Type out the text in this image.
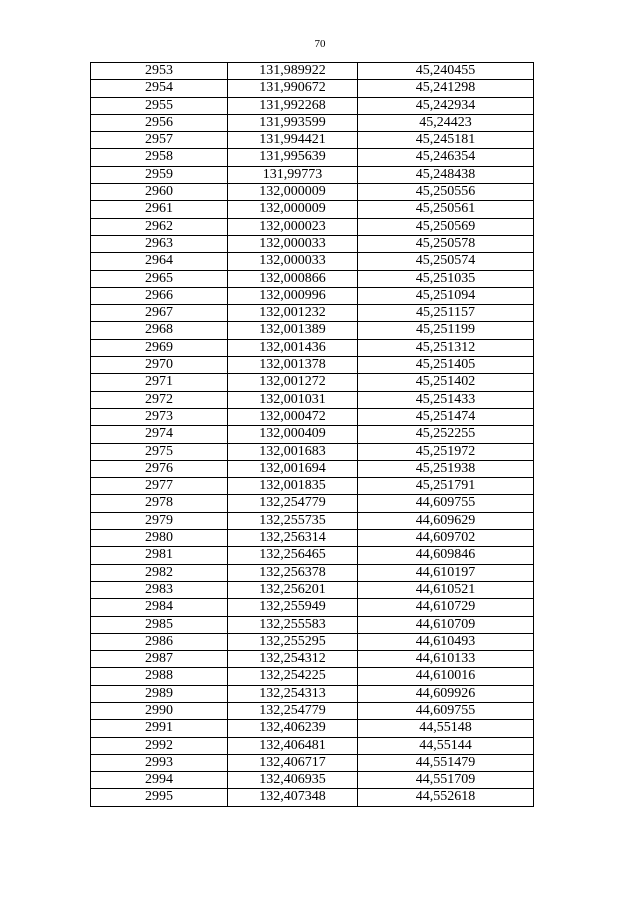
70
2953	131,989922	45,240455
2954	131,990672	45,241298
2955	131,992268	45,242934
2956	131,993599	45,24423
2957	131,994421	45,245181
2958	131,995639	45,246354
2959	131,99773	45,248438
2960	132,000009	45,250556
2961	132,000009	45,250561
2962	132,000023	45,250569
2963	132,000033	45,250578
2964	132,000033	45,250574
2965	132,000866	45,251035
2966	132,000996	45,251094
2967	132,001232	45,251157
2968	132,001389	45,251199
2969	132,001436	45,251312
2970	132,001378	45,251405
2971	132,001272	45,251402
2972	132,001031	45,251433
2973	132,000472	45,251474
2974	132,000409	45,252255
2975	132,001683	45,251972
2976	132,001694	45,251938
2977	132,001835	45,251791
2978	132,254779	44,609755
2979	132,255735	44,609629
2980	132,256314	44,609702
2981	132,256465	44,609846
2982	132,256378	44,610197
2983	132,256201	44,610521
2984	132,255949	44,610729
2985	132,255583	44,610709
2986	132,255295	44,610493
2987	132,254312	44,610133
2988	132,254225	44,610016
2989	132,254313	44,609926
2990	132,254779	44,609755
2991	132,406239	44,55148
2992	132,406481	44,55144
2993	132,406717	44,551479
2994	132,406935	44,551709
2995	132,407348	44,552618
